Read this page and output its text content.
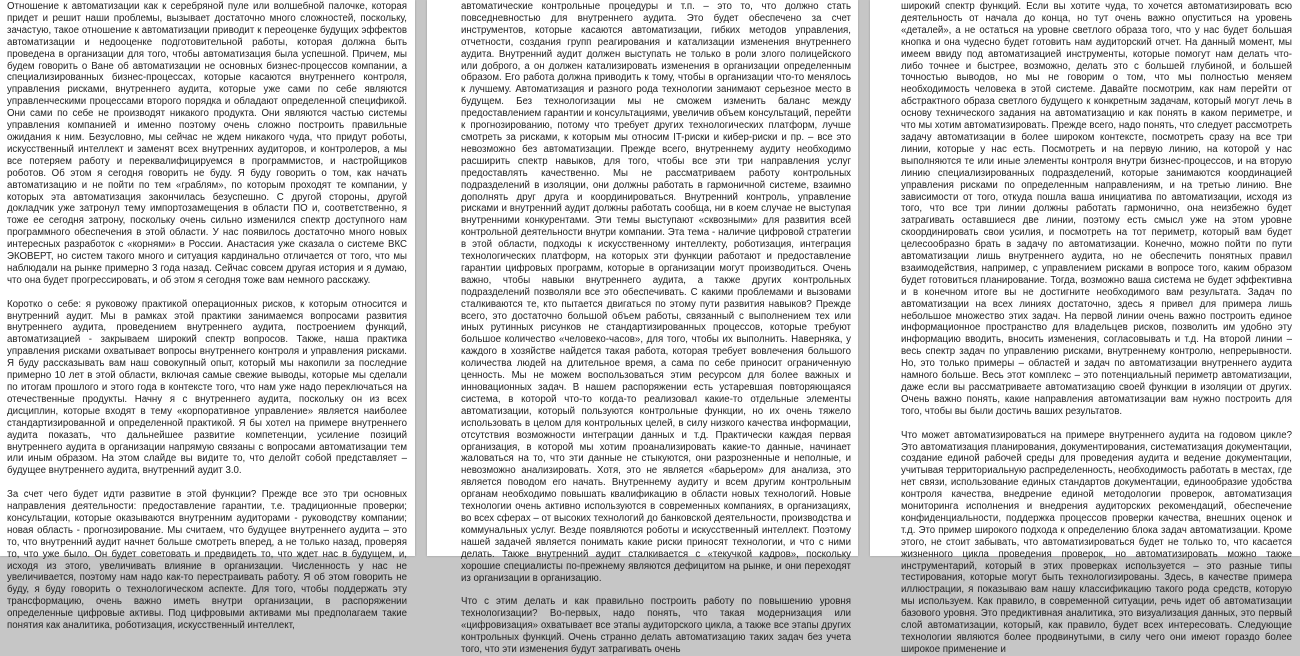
Отношение к автоматизации как к серебряной пуле или волшебной палочке, которая придет и решит наши проблемы, вызывает достаточно много сложностей, поскольку, зачастую, такое отношение к автоматизации приводит к переоценке будущих эффектов автоматизации и недооценке подготовительной работы, которая должна быть проведена в организации для того, чтобы автоматизация была успешной. Причем, мы будем говорить о Ване об автоматизации не основных бизнес-процессов компании, а специализированных бизнес-процессах, которые касаются внутреннего контроля, управления рисками, внутреннего аудита, которые уже сами по себе являются управленческими процессами второго порядка и обладают определенной спецификой. Они сами по себе не производят никакого продукта. Они являются частью системы управления компанией и именно поэтому очень сложно построить правильные ожидания к ним. Безусловно, мы сейчас не ждем никакого чуда, что придут роботы, искусственный интеллект и заменят всех внутренних аудиторов, и контролеров, а мы все потеряем работу и переквалифицируемся в программистов, и настройщиков роботов. Об этом я сегодня говорить не буду. Я буду говорить о том, как начать автоматизацию и не пойти по тем «граблям», по которым проходят те компании, у которых эта автоматизация закончилась безуспешно. С другой стороны, другой докладчик уже затронул тему импортозамещения в области ПО и, соответственно, я тоже ее сегодня затрону, поскольку очень сильно изменился спектр доступного нам программного обеспечения в этой области. У нас появилось достаточно много новых интересных разработок с «корнями» в России. Анастасия уже сказала о системе ВКС ЭКОВЕРТ, но систем такого много и ситуация кардинально отличается от того, что мы наблюдали на рынке примерно 3 года назад. Сейчас совсем другая история и я думаю, что она будет прогрессировать, и об этом я сегодня тоже вам немного расскажу.

Коротко о себе: я руковожу практикой операционных рисков, к которым относится и внутренний аудит. Мы в рамках этой практики занимаемся вопросами развития внутреннего аудита, проведением внутреннего аудита, построением функций, автоматизацией - закрываем широкий спектр вопросов. Также, наша практика управления рисками охватывает вопросы внутреннего контроля и управления рисками. Я буду рассказывать вам наш совокупный опыт, который мы накопили за последние примерно 10 лет в этой области, включая самые свежие выводы, которые мы сделали по итогам прошлого и этого года в контексте того, что нам уже надо переключаться на отечественные продукты. Начну я с внутреннего аудита, поскольку он из всех дисциплин, которые входят в тему «корпоративное управление» является наиболее стандартизированной и определенной практикой. Я бы хотел на примере внутреннего аудита показать, что дальнейшее развитие компетенции, усиление позиций внутреннего аудита в организации напрямую связаны с вопросами автоматизации тем или иным образом. На этом слайде вы видите то, что делойт собой представляет – будущее внутреннего аудита, внутренний аудит 3.0.

За счет чего будет идти развитие в этой функции? Прежде все это три основных направления деятельности: предоставление гарантии, т.е. традиционные проверки; консультации, которые оказываются внутренним аудиторами - руководству компании; новая область - прогнозирование. Мы считаем, что будущее внутреннего аудита – это то, что внутренний аудит начнет больше смотреть вперед, а не только назад, проверяя то, что уже было. Он будет советовать и предвидеть то, что ждет нас в будущем, и, исходя из этого, увеличивать влияние в организации. Численность у нас не увеличивается, поэтому нам надо как-то перестраивать работу. Я об этом говорить не буду, я буду говорить о технологическом аспекте. Для того, чтобы поддержать эту трансформацию, очень важно иметь внутри организации, в распоряжении определенные цифровые активы. Под цифровыми активами мы предполагаем такие понятия как аналитика, роботизация, искусственный интеллект,

автоматические контрольные процедуры и т.п. – это то, что должно стать повседневностью для внутреннего аудита. Это будет обеспечено за счет инструментов, которые касаются автоматизации, гибких методов управления, отчетности, создания групп реагирования и катализации изменения внутреннего аудита. Внутренний аудит должен выступать не только в роли злого полицейского или доброго, а он должен катализировать изменения в организации определенным образом. Его работа должна приводить к тому, чтобы в организации что-то менялось к лучшему. Автоматизация и разного рода технологии занимают серьезное место в будущем. Без технологизации мы не сможем изменить баланс между предоставлением гарантии и консультациями, увеличив объем консультаций, перейти к прогнозированию, потому что требует других технологических платформ, лучше смотреть за рисками, к которым мы относим IT-риски и кибер-риски и пр. – все это невозможно без автоматизации. Прежде всего, внутреннему аудиту необходимо расширить спектр навыков, для того, чтобы все эти три направления услуг предоставлять качественно. Мы не рассматриваем работу контрольных подразделений в изоляции, они должны работать в гармоничной системе, взаимно дополнять друг друга и координироваться. Внутренний контроль, управление рисками и внутренний аудит должны работать сообща, ни в коем случае не выступая внутренними конкурентами. Эти темы выступают «сквозными» для развития всей контрольной деятельности внутри компании. Эта тема - наличие цифровой стратегии в этой области, подходы к искусственному интеллекту, роботизация, интеграция технологических платформ, на которых эти функции работают и предоставление гарантии цифровых программ, которые в организации могут производиться. Очень важно, чтобы навыки внутреннего аудита, а также других контрольных подразделений позволяли все это обеспечивать. С какими проблемами и вызовами сталкиваются те, кто пытается двигаться по этому пути развития навыков? Прежде всего, это достаточно большой объем работы, связанный с выполнением тех или иных рутинных рисунков не стандартизированных процессов, которые требуют большое количество «человеко-часов», для того, чтобы их выполнить. Наверняка, у каждого в хозяйстве найдется такая работа, которая требует вовлечения большого количества людей на длительное время, а сама по себе приносит ограниченную ценность. Мы не можем воспользоваться этим ресурсом для более важных и инновационных задач. В нашем распоряжении есть устаревшая повторяющаяся система, в которой что-то когда-то реализовал какие-то отдельные элементы автоматизации, который пользуются контрольные функции, но их очень тяжело использовать в целом для контрольных целей, в силу низкого качества информации, отсутствия возможности интеграции данных и т.д. Практически каждая первая организация, в которой мы хотим проанализировать какие-то данные, начинает жаловаться на то, что эти данные не стыкуются, они разрозненные и неполные, и невозможно анализировать. Хотя, это не является «барьером» для анализа, это является поводом его начать. Внутреннему аудиту и всем другим контрольным органам необходимо повышать квалификацию в области новых технологий. Новые технологии очень активно используются в современных компаниях, в организациях, во всех сферах – от высоких технологий до банковской деятельности, производства и коммунальных услуг. Везде появляются роботы и искусственный интеллект. Поэтому нашей задачей является понимать какие риски приносят технологии, и что с ними делать. Также внутренний аудит сталкивается с «текучкой кадров», поскольку хорошие специалисты по-прежнему являются дефицитом на рынке, и они переходят из организации в организацию.

Что с этим делать и как правильно построить работу по повышению уровня технологизации? Во-первых, надо понять, что такая модернизация или «цифровизация» охватывает все этапы аудиторского цикла, а также все этапы других контрольных функций. Очень странно делать автоматизацию таких задач без учета того, что эти изменения будут затрагивать очень

широкий спектр функций. Если вы хотите чуда, то хочется автоматизировать всю деятельность от начала до конца, но тут очень важно опуститься на уровень «деталей», а не остаться на уровне светлого образа того, что у нас будет большая кнопка и она чудесно будет готовить нам аудиторский отчет. На данный момент, мы имеем ввиду под автоматизацией инструменты, которые помогут нам делать что-либо точнее и быстрее, возможно, делать это с большей глубиной, и большей точностью выводов, но мы не говорим о том, что мы полностью меняем необходимость человека в этой системе. Давайте посмотрим, как нам перейти от абстрактного образа светлого будущего к конкретным задачам, который могут лечь в основу технического задания на автоматизацию и как понять в каком периметре, и что мы хотим автоматизировать. Прежде всего, надо понять, что следует рассмотреть задачу автоматизации в более широком контексте, посмотреть сразу на все три линии, которые у нас есть. Посмотреть и на первую линию, на которой у нас выполняются те или иные элементы контроля внутри бизнес-процессов, и на вторую линию специализированных подразделений, которые занимаются координацией управления рисками по определенным направлениям, и на третью линию. Вне зависимости от того, откуда пошла ваша инициатива по автоматизации, исходя из того, что все три линии должны работать гармонично, она неизбежно будет затрагивать оставшиеся две линии, поэтому есть смысл уже на этом уровне скоординировать свои усилия, и посмотреть на тот периметр, который вам будет целесообразно брать в задачу по автоматизации. Конечно, можно пойти по пути автоматизации лишь внутреннего аудита, но не обеспечить понятных правил взаимодействия, например, с управлением рисками в вопросе того, каким образом будет готовиться планирование. Тогда, возможно ваша система не будет эффективна и в конечном итоге вы не достигните необходимого вам результата. Задач по автоматизации на всех линиях достаточно, здесь я привел для примера лишь небольшое множество этих задач. На первой линии очень важно построить единое информационное пространство для владельцев рисков, позволить им удобно эту информацию вводить, вносить изменения, согласовывать и т.д. На второй линии – весь спектр задач по управлению рисками, внутреннему контролю, непрерывности. Но, это только примеры – областей и задач по автоматизации внутреннего аудита намного больше. Весь этот комплекс – это потенциальный периметр автоматизации, даже если вы рассматриваете автоматизацию своей функции в изоляции от других. Очень важно понять, какие направления автоматизации вам нужно построить для того, чтобы вы были достичь ваших результатов.

Что может автоматизироваться на примере внутреннего аудита на годовом цикле? Это автоматизация планирования, документирования, систематизация документации, создание единой рабочей среды для проведения аудита и ведение документации, учитывая территориальную распределенность, необходимость работать в местах, где нет связи, использование единых стандартов документации, единообразие удобства контроля качества, внедрение единой методологии проверок, автоматизация мониторинга исполнения и внедрения аудиторских рекомендаций, обеспечение конфиденциальности, поддержка процессов проверки качества, внешних оценок и т.д. Это пример широкого подхода к определению блока задач автоматизации. Кроме этого, не стоит забывать, что автоматизироваться будет не только то, что касается жизненного цикла проведения проверок, но автоматизировать можно также инструментарий, который в этих проверках используется – это разные типы тестирования, которые могут быть технологизированы. Здесь, в качестве примера иллюстрации, я показываю вам нашу классификацию такого рода средств, которую мы используем. Как правило, в современной ситуации, речь идет об автоматизации базового уровня. Это предиктивная аналитика, это визуализация данных, это первый слой автоматизации, который, как правило, будет всех интересовать. Следующие технологии являются более продвинутыми, в силу чего они имеют гораздо более широкое применение и
